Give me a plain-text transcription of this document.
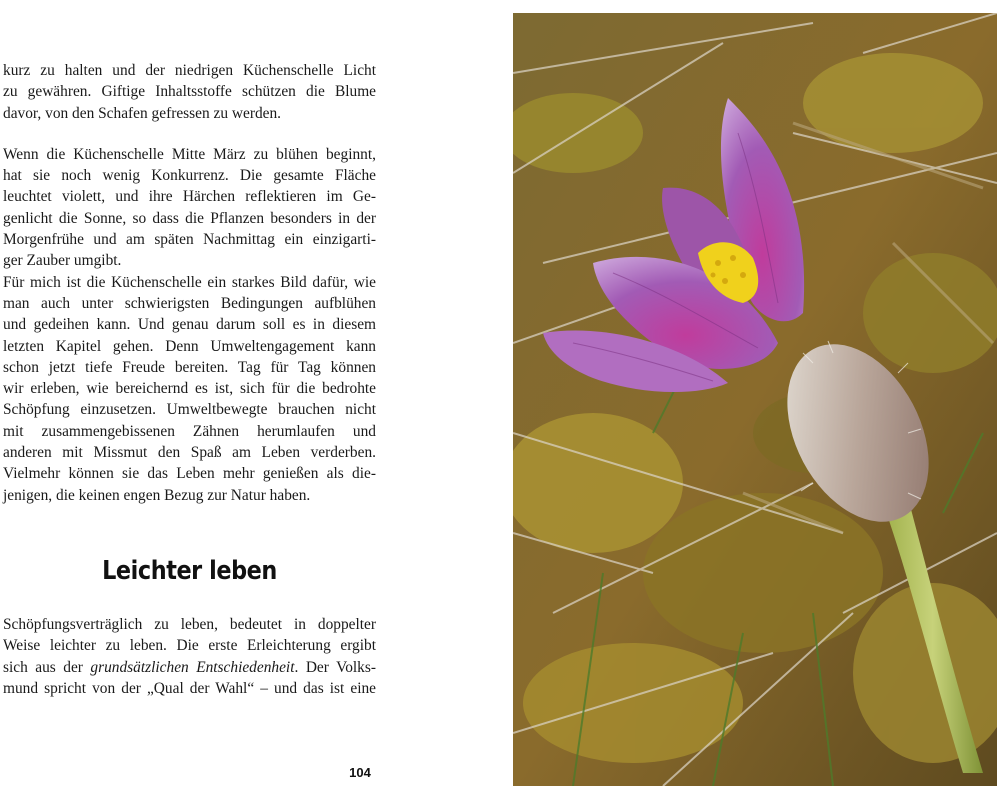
kurz zu halten und der niedrigen Küchenschelle Licht
zu gewähren. Giftige Inhaltsstoffe schützen die Blume
davor, von den Schafen gefressen zu werden.

Wenn die Küchenschelle Mitte März zu blühen beginnt,
hat sie noch wenig Konkurrenz. Die gesamte Fläche
leuchtet violett, und ihre Härchen reflektieren im Ge-
genlicht die Sonne, so dass die Pflanzen besonders in der
Morgenfrühe und am späten Nachmittag ein einzigarti-
ger Zauber umgibt.

Für mich ist die Küchenschelle ein starkes Bild dafür, wie
man auch unter schwierigsten Bedingungen aufblühen
und gedeihen kann. Und genau darum soll es in diesem
letzten Kapitel gehen. Denn Umweltengagement kann
schon jetzt tiefe Freude bereiten. Tag für Tag können
wir erleben, wie bereichernd es ist, sich für die bedrohte
Schöpfung einzusetzen. Umweltbewegte brauchen nicht
mit zusammengebissenen Zähnen herumlaufen und
anderen mit Missmut den Spaß am Leben verderben.
Vielmehr können sie das Leben mehr genießen als die-
jenigen, die keinen engen Bezug zur Natur haben.

Leichter leben

Schöpfungsverträglich zu leben, bedeutet in doppelter
Weise leichter zu leben. Die erste Erleichterung ergibt
sich aus der grundsätzlichen Entschiedenheit. Der Volks-
mund spricht von der „Qual der Wahl“ – und das ist eine

104
